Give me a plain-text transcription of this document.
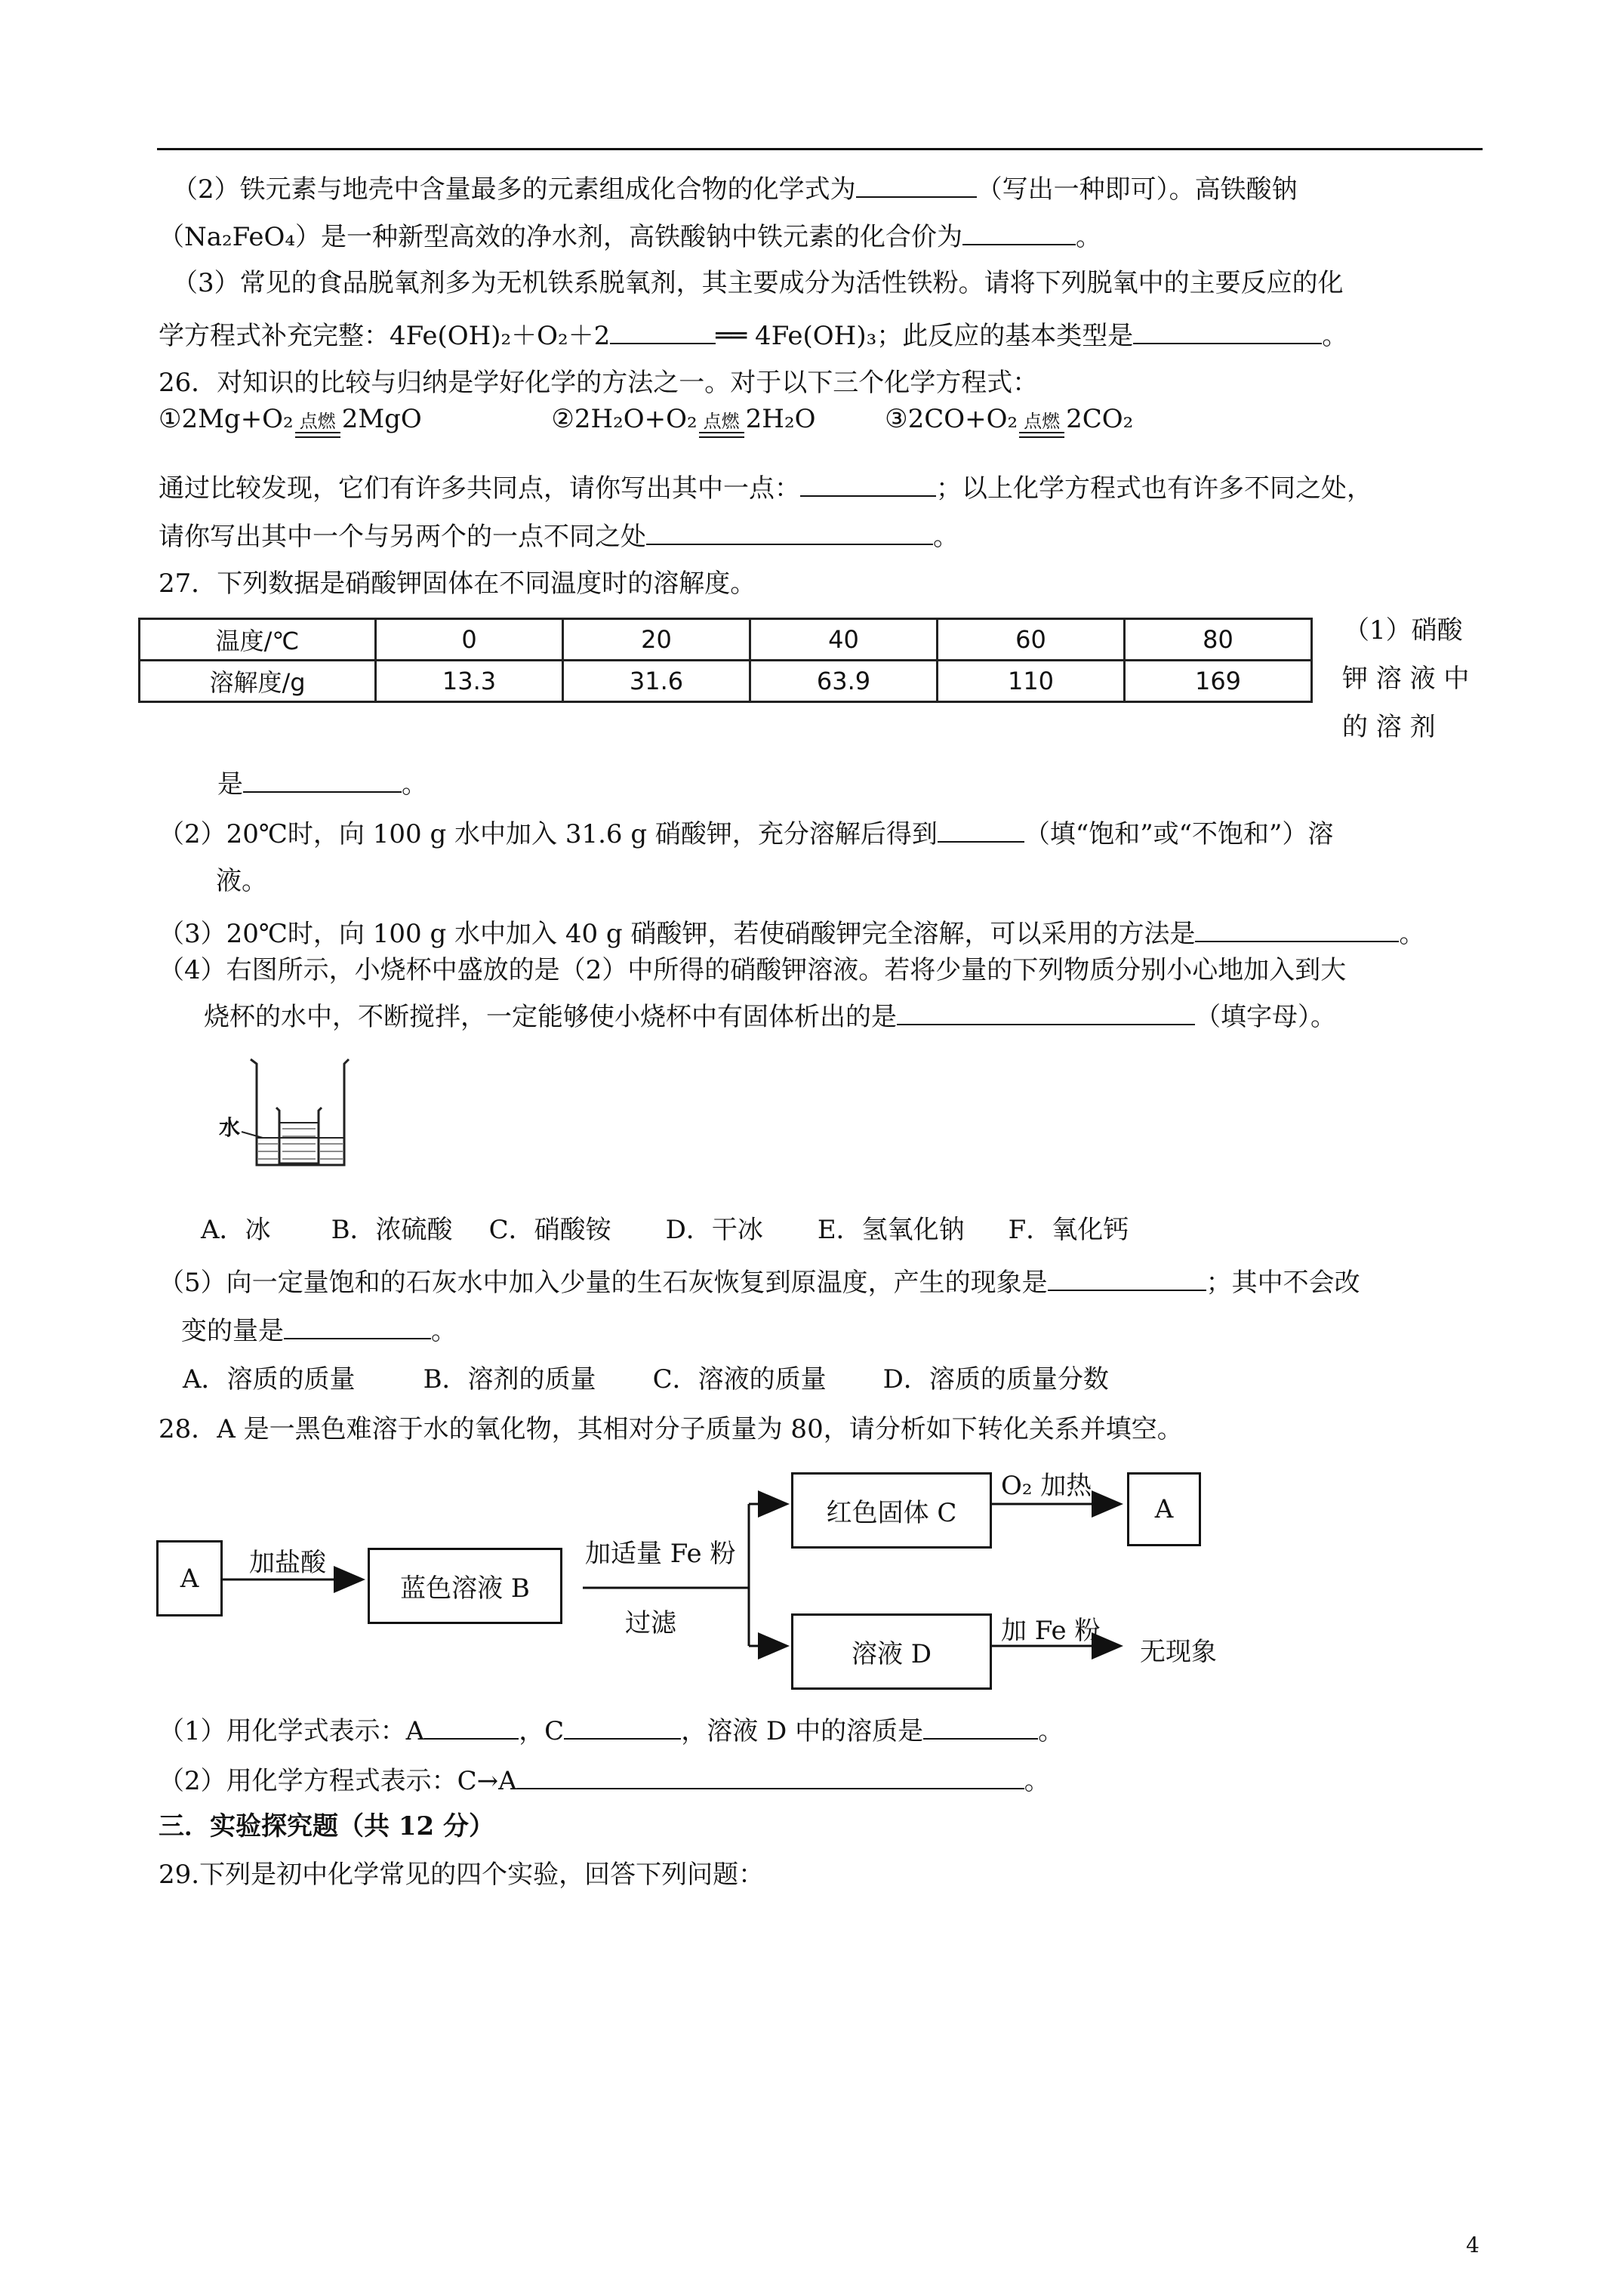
（2）铁元素与地壳中含量最多的元素组成化合物的化学式为	（写出一种即可）。高铁酸钠
（Na₂FeO₄）是一种新型高效的净水剂，高铁酸钠中铁元素的化合价为	。
（3）常见的食品脱氧剂多为无机铁系脱氧剂，其主要成分为活性铁粉。请将下列脱氧中的主要反应的化
学方程式补充完整：4Fe(OH)₂＋O₂＋2	══ 4Fe(OH)₃；此反应的基本类型是	。
26．对知识的比较与归纳是学好化学的方法之一。对于以下三个化学方程式：
①2Mg+O₂ 点燃 2MgO	②2H₂O+O₂ 点燃 2H₂O	③2CO+O₂ 点燃 2CO₂
通过比较发现，它们有许多共同点，请你写出其中一点：	；以上化学方程式也有许多不同之处，
请你写出其中一个与另两个的一点不同之处	。
27．下列数据是硝酸钾固体在不同温度时的溶解度。
温度/℃	0	20	40	60	80
溶解度/g	13.3	31.6	63.9	110	169
（1）硝酸
钾 溶 液 中
的 溶 剂
是	。
（2）20℃时，向 100 g 水中加入 31.6 g 硝酸钾，充分溶解后得到	（填“饱和”或“不饱和”）溶
液。
（3）20℃时，向 100 g 水中加入 40 g 硝酸钾，若使硝酸钾完全溶解，可以采用的方法是	。
（4）右图所示，小烧杯中盛放的是（2）中所得的硝酸钾溶液。若将少量的下列物质分别小心地加入到大
烧杯的水中，不断搅拌，一定能够使小烧杯中有固体析出的是	（填字母）。
水
A．冰 B．浓硫酸 C．硝酸铵 D．干冰 E．氢氧化钠 F．氧化钙
（5）向一定量饱和的石灰水中加入少量的生石灰恢复到原温度，产生的现象是	；其中不会改
变的量是	。
A．溶质的质量	B．溶剂的质量 C．溶液的质量 D．溶质的质量分数
28．A 是一黑色难溶于水的氧化物，其相对分子质量为 80，请分析如下转化关系并填空。
A
加盐酸
蓝色溶液 B
加适量 Fe 粉
过滤
红色固体 C
O₂ 加热
A
溶液 D
加 Fe 粉
无现象
（1）用化学式表示：A	，C	，溶液 D 中的溶质是	。
（2）用化学方程式表示：C→A	。
三．实验探究题（共 12 分）
29.下列是初中化学常见的四个实验，回答下列问题：
4
